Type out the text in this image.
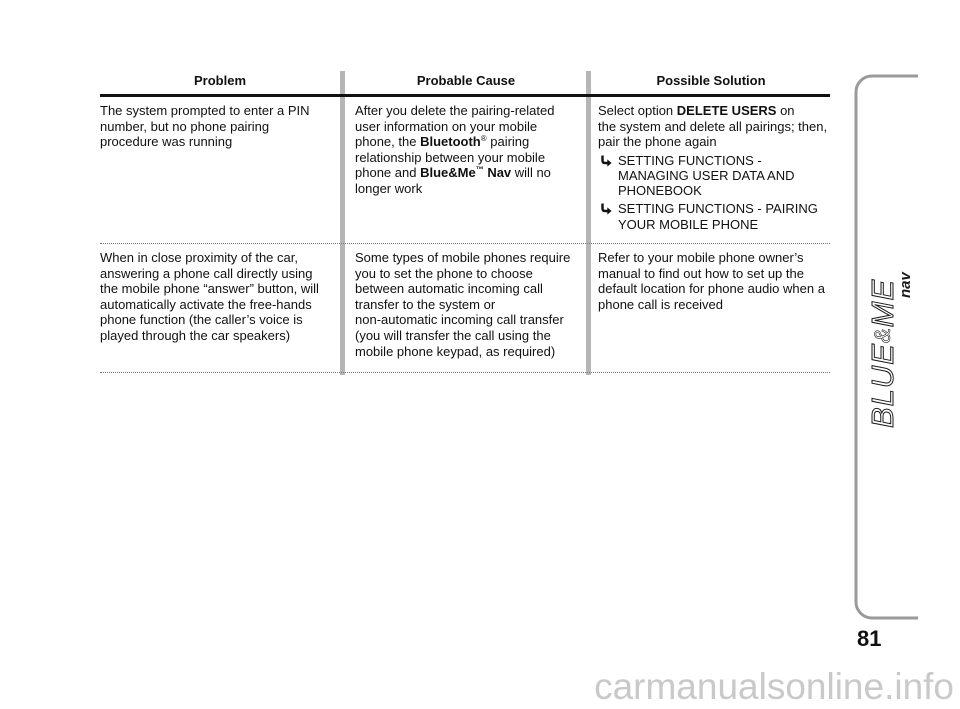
Problem	Probable Cause	Possible Solution
The system prompted to enter a PIN
number, but no phone pairing
procedure was running
After you delete the pairing-related
user information on your mobile
phone, the Bluetooth® pairing
relationship between your mobile
phone and Blue&Me™ Nav will no
longer work
Select option DELETE USERS on
the system and delete all pairings; then,
pair the phone again
SETTING FUNCTIONS -
MANAGING USER DATA AND
PHONEBOOK
SETTING FUNCTIONS - PAIRING
YOUR MOBILE PHONE
When in close proximity of the car,
answering a phone call directly using
the mobile phone “answer” button, will
automatically activate the free-hands
phone function (the caller’s voice is
played through the car speakers)
Some types of mobile phones require
you to set the phone to choose
between automatic incoming call
transfer to the system or
non-automatic incoming call transfer
(you will transfer the call using the
mobile phone keypad, as required)
Refer to your mobile phone owner’s
manual to find out how to set up the
default location for phone audio when a
phone call is received
BLUE&ME
nav
81
carmanualsonline.info
